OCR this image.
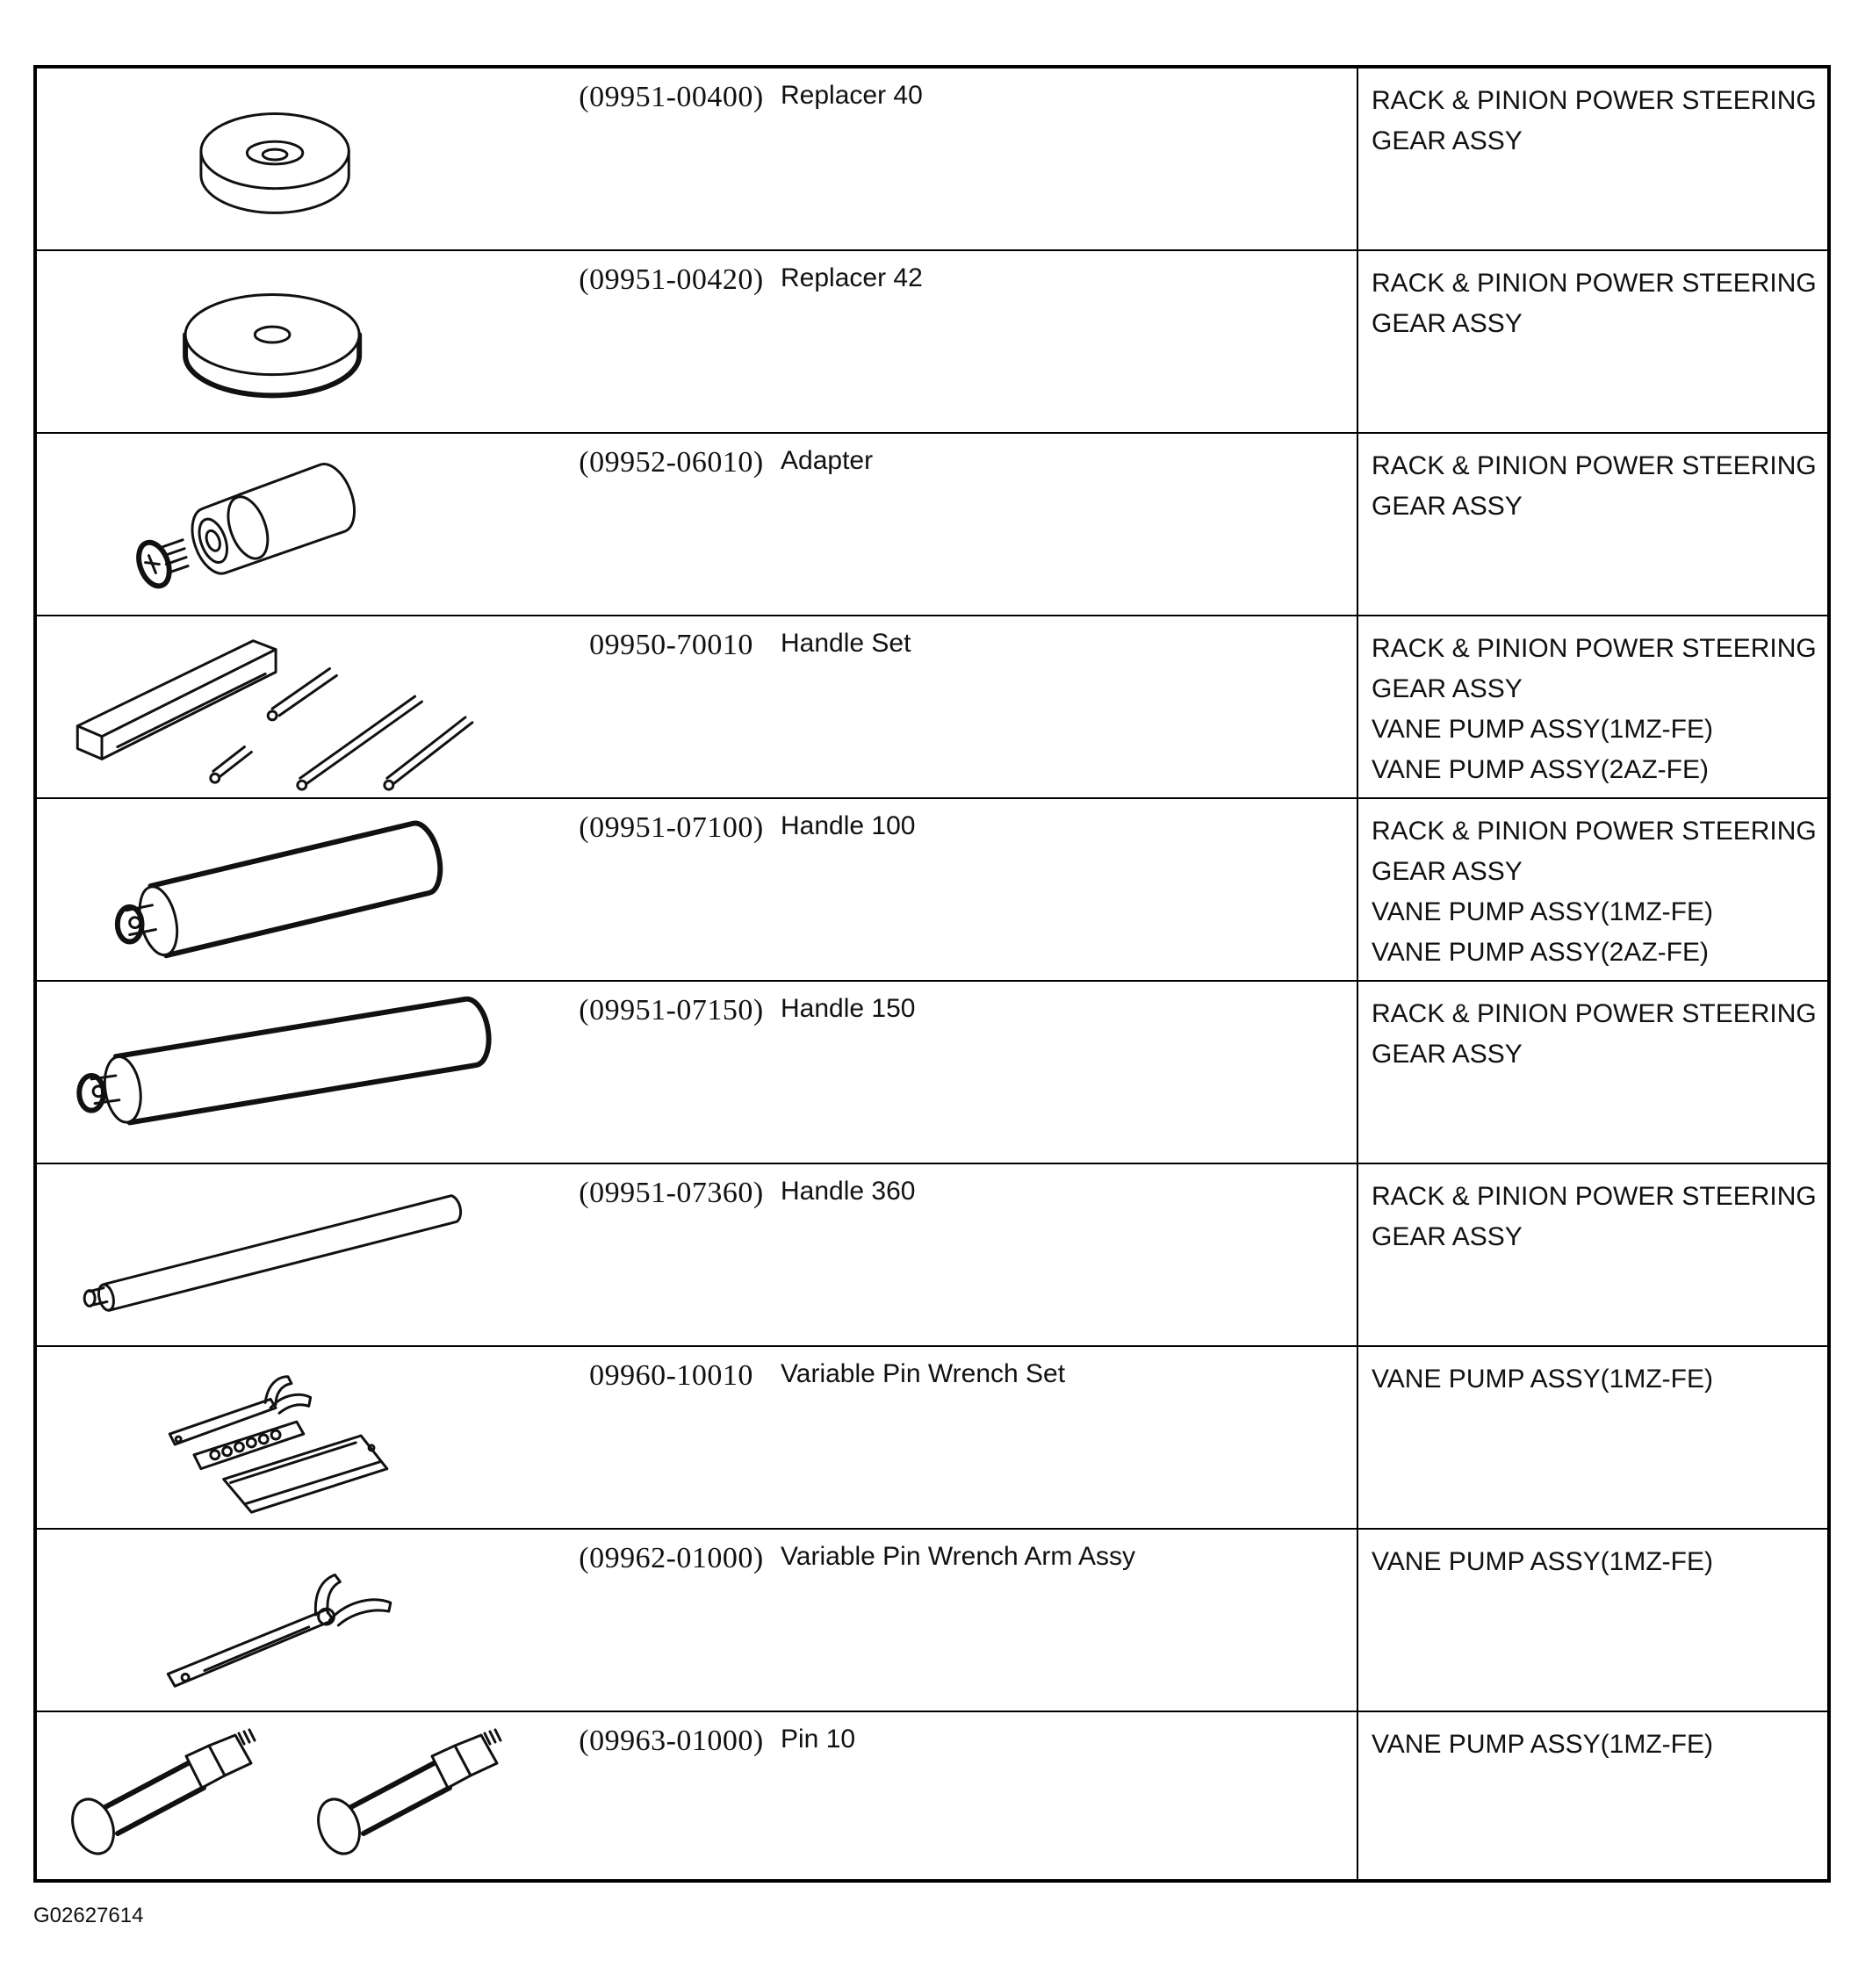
(09951-00400) Replacer 40	RACK & PINION POWER STEERING
GEAR ASSY
(09951-00420) Replacer 42	RACK & PINION POWER STEERING
GEAR ASSY
(09952-06010) Adapter	RACK & PINION POWER STEERING
GEAR ASSY
09950-70010	Handle Set	RACK & PINION POWER STEERING
GEAR ASSY
VANE PUMP ASSY(1MZ-FE)
VANE PUMP ASSY(2AZ-FE)
(09951-07100) Handle 100	RACK & PINION POWER STEERING
GEAR ASSY
VANE PUMP ASSY(1MZ-FE)
VANE PUMP ASSY(2AZ-FE)
(09951-07150) Handle 150	RACK & PINION POWER STEERING
GEAR ASSY
(09951-07360) Handle 360	RACK & PINION POWER STEERING
GEAR ASSY
09960-10010	Variable Pin Wrench Set	VANE PUMP ASSY(1MZ-FE)
(09962-01000) Variable Pin Wrench Arm Assy	VANE PUMP ASSY(1MZ-FE)
(09963-01000) Pin 10	VANE PUMP ASSY(1MZ-FE)
G02627614
